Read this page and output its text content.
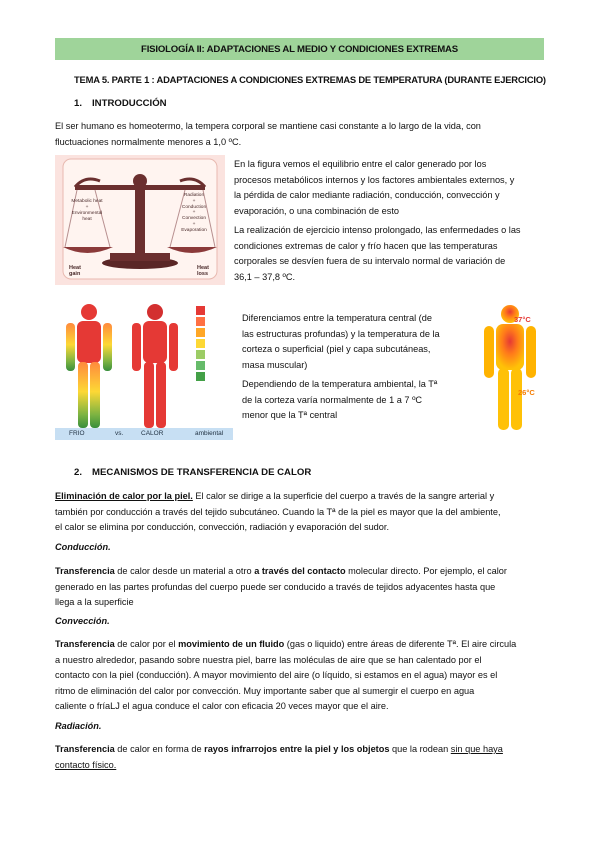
FISIOLOGÍA II: ADAPTACIONES AL MEDIO Y CONDICIONES EXTREMAS
TEMA 5. PARTE 1 : ADAPTACIONES A CONDICIONES EXTREMAS DE TEMPERATURA (DURANTE EJERCICIO)
1. INTRODUCCIÓN
El ser humano es homeotermo, la tempera corporal se mantiene casi constante a lo largo de la vida, con
fluctuaciones normalmente menores a 1,0 ºC.
Metabolic heat
+
Environmental
heat
Radiation
+
Conduction
+
Convection
+
Evaporation
Heat
gain
Heat
loss
En la figura vemos el equilibrio entre el calor generado por los
procesos metabólicos internos y los factores ambientales externos, y
la pérdida de calor mediante radiación, conducción, convección y
evaporación, o una combinación de esto
La realización de ejercicio intenso prolongado, las enfermedades o las
condiciones extremas de calor y frío hacen que las temperaturas
corporales se desvíen fuera de su intervalo normal de variación de
36,1 – 37,8 ºC.
FRIO	vs.	CALOR	ambiental
Diferenciamos entre la temperatura central (de
las estructuras profundas) y la temperatura de la
corteza o superficial (piel y capa subcutáneas,
masa muscular)
Dependiendo de la temperatura ambiental, la Tª
de la corteza varía normalmente de 1 a 7 ºC
menor que la Tª central
37°C
26°C
2. MECANISMOS DE TRANSFERENCIA DE CALOR
Eliminación de calor por la piel. El calor se dirige a la superficie del cuerpo a través de la sangre arterial y
también por conducción a través del tejido subcutáneo. Cuando la Tª de la piel es mayor que la del ambiente,
el calor se elimina por conducción, convección, radiación y evaporación del sudor.
Conducción.
Transferencia de calor desde un material a otro a través del contacto molecular directo. Por ejemplo, el calor
generado en las partes profundas del cuerpo puede ser conducido a través de tejidos adyacentes hasta que
llega a la superficie
Convección.
Transferencia de calor por el movimiento de un fluido (gas o liquido) entre áreas de diferente Tª. El aire circula
a nuestro alrededor, pasando sobre nuestra piel, barre las moléculas de aire que se han calentado por el
contacto con la piel (conducción). A mayor movimiento del aire (o líquido, si estamos en el agua) mayor es el
ritmo de eliminación del calor por convección. Muy importante saber que al sumergir el cuerpo en agua
caliente o fríaLJ el agua conduce el calor con eficacia 20 veces mayor que el aire.
Radiación.
Transferencia de calor en forma de rayos infrarrojos entre la piel y los objetos que la rodean sin que haya
contacto físico.
